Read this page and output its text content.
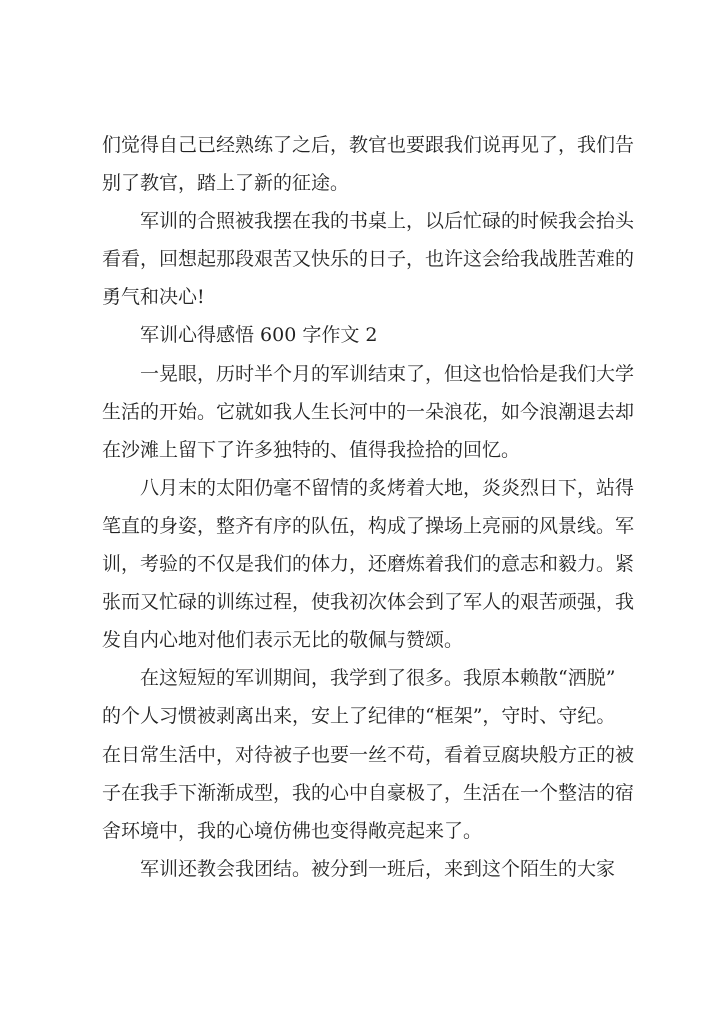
们觉得自己已经熟练了之后，教官也要跟我们说再见了，我们告
别了教官，踏上了新的征途。
军训的合照被我摆在我的书桌上，以后忙碌的时候我会抬头
看看，回想起那段艰苦又快乐的日子，也许这会给我战胜苦难的
勇气和决心!
军训心得感悟 600 字作文 2
一晃眼，历时半个月的军训结束了，但这也恰恰是我们大学
生活的开始。它就如我人生长河中的一朵浪花，如今浪潮退去却
在沙滩上留下了许多独特的、值得我捡拾的回忆。
八月末的太阳仍毫不留情的炙烤着大地，炎炎烈日下，站得
笔直的身姿，整齐有序的队伍，构成了操场上亮丽的风景线。军
训，考验的不仅是我们的体力，还磨炼着我们的意志和毅力。紧
张而又忙碌的训练过程，使我初次体会到了军人的艰苦顽强，我
发自内心地对他们表示无比的敬佩与赞颂。
在这短短的军训期间，我学到了很多。我原本赖散“洒脱”
的个人习惯被剥离出来，安上了纪律的“框架”，守时、守纪。
在日常生活中，对待被子也要一丝不苟，看着豆腐块般方正的被
子在我手下渐渐成型，我的心中自豪极了，生活在一个整洁的宿
舍环境中，我的心境仿佛也变得敞亮起来了。
军训还教会我团结。被分到一班后，来到这个陌生的大家
